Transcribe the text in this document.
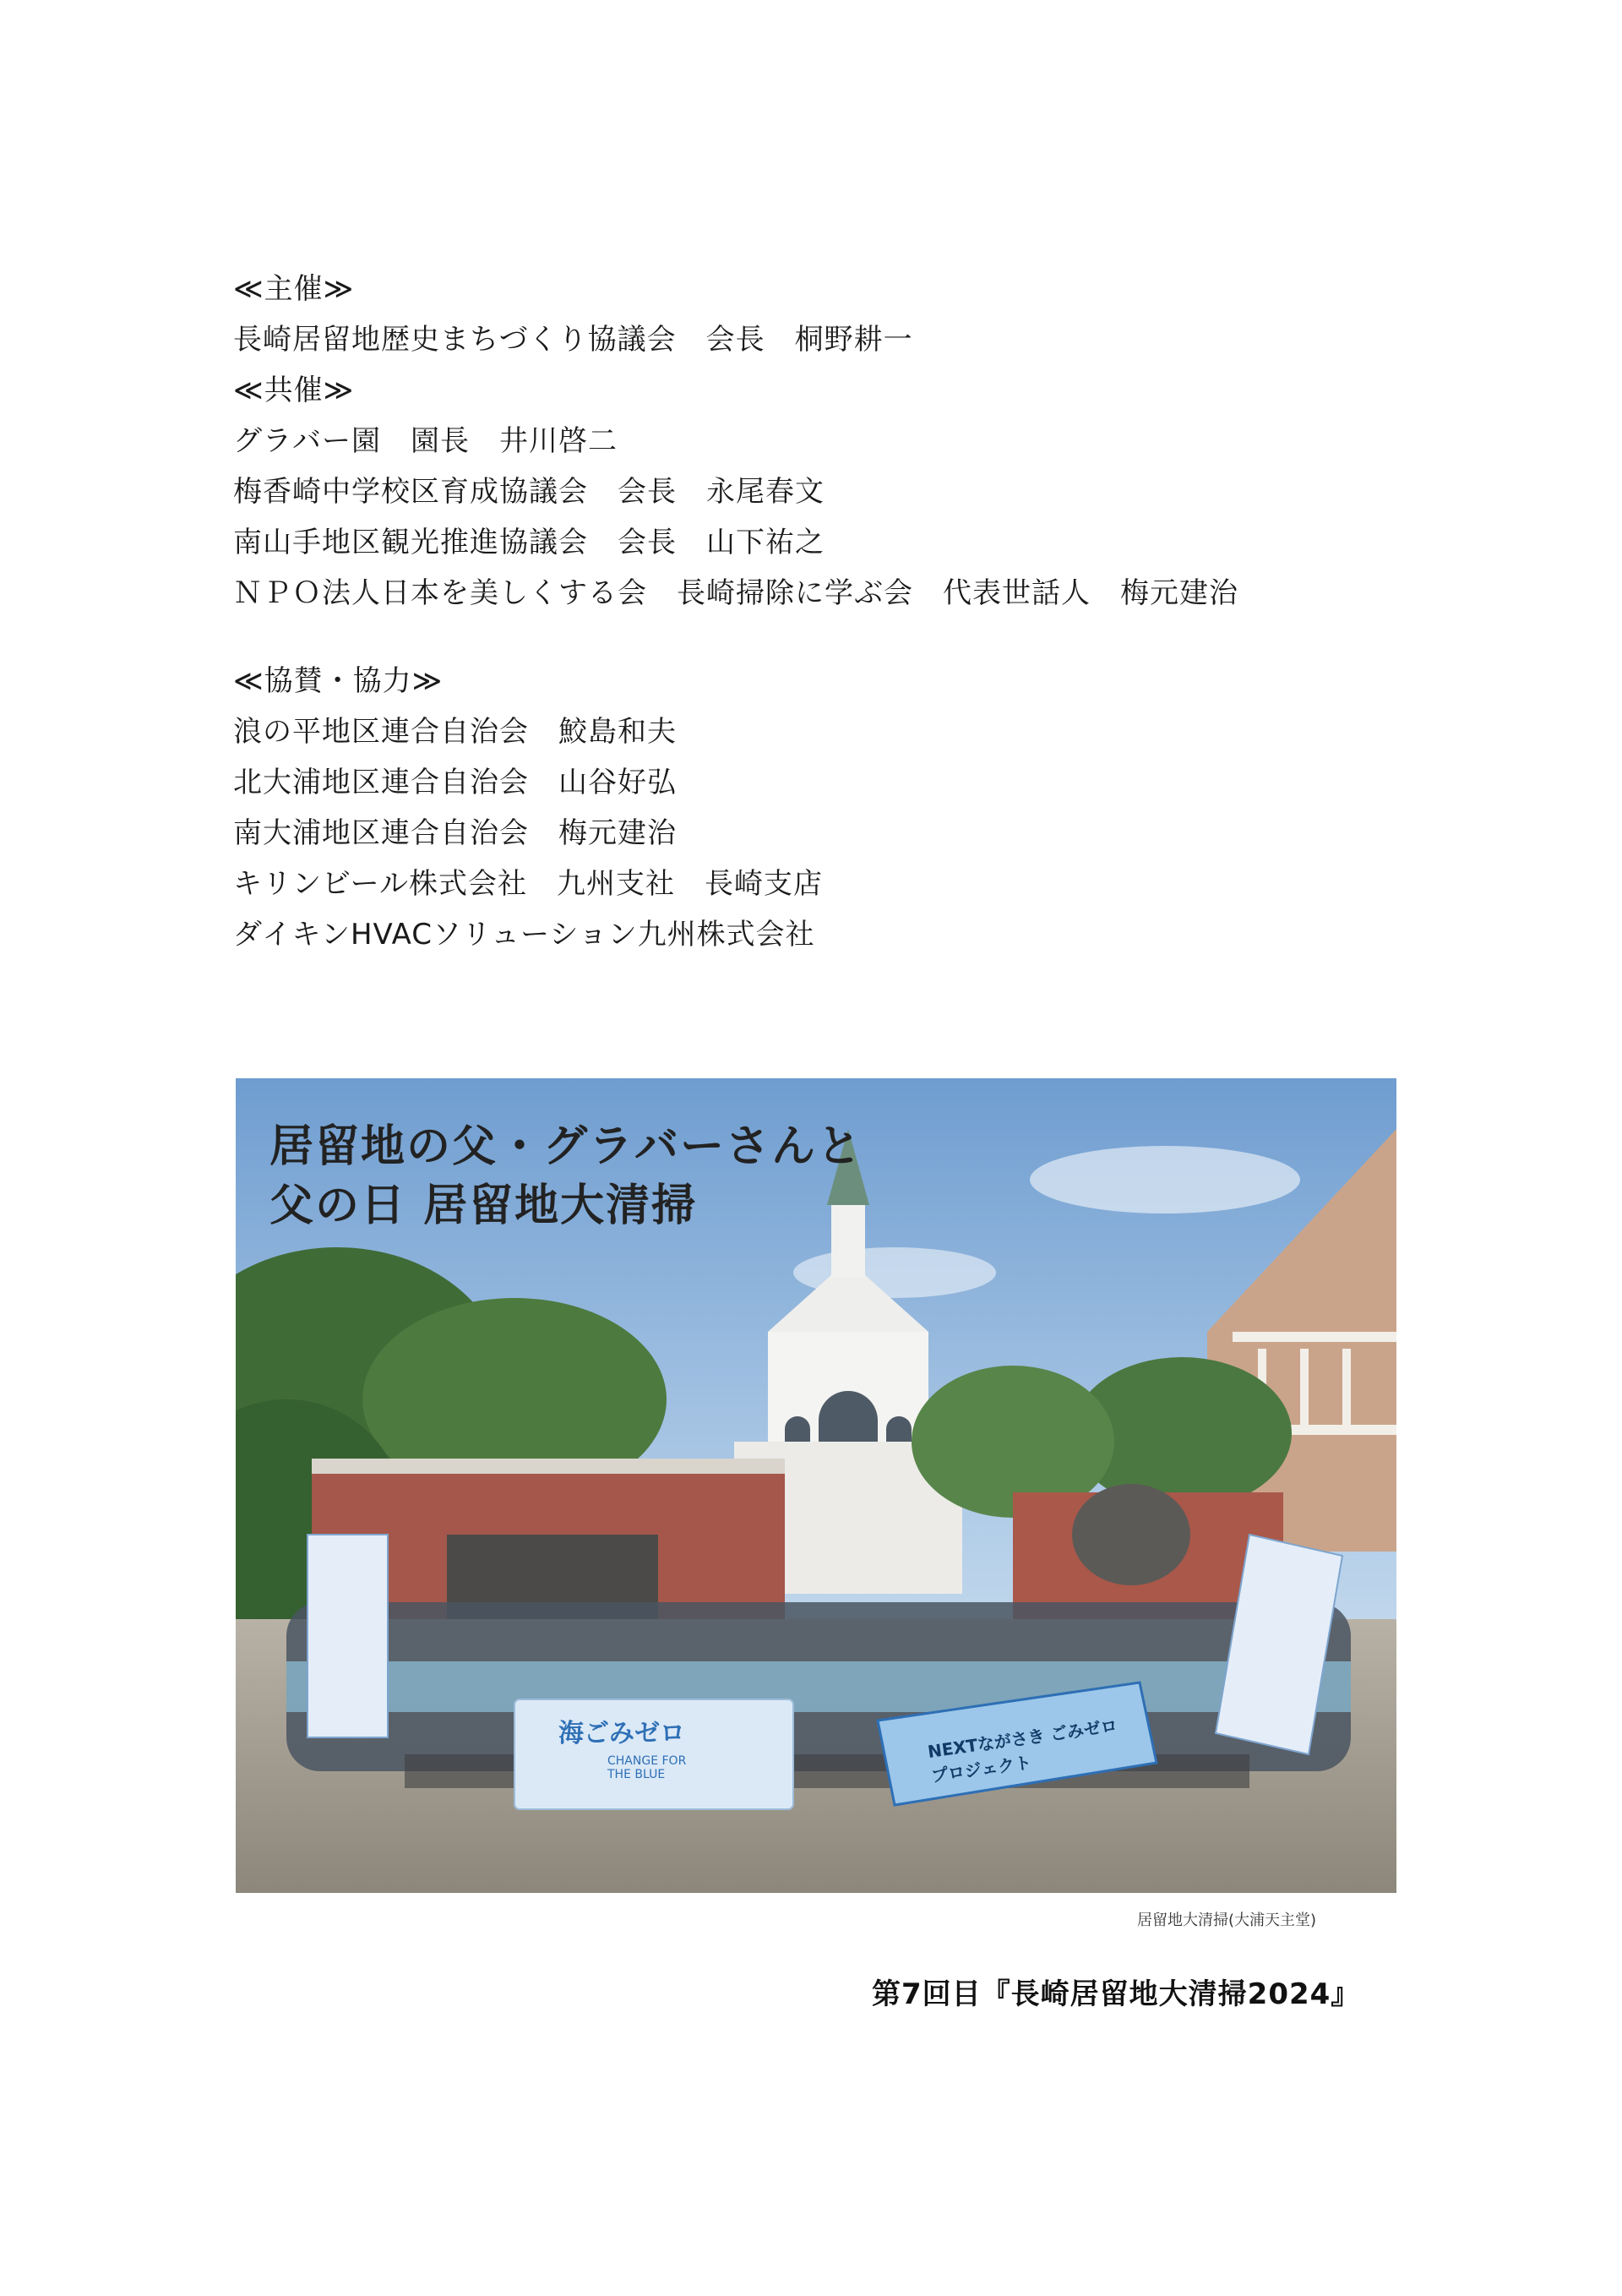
≪主催≫
長崎居留地歴史まちづくり協議会　会長　桐野耕一
≪共催≫
グラバー園　園長　井川啓二
梅香崎中学校区育成協議会　会長　永尾春文
南山手地区観光推進協議会　会長　山下祐之
ＮＰＯ法人日本を美しくする会　長崎掃除に学ぶ会　代表世話人　梅元建治
≪協賛・協力≫
浪の平地区連合自治会　鮫島和夫
北大浦地区連合自治会　山谷好弘
南大浦地区連合自治会　梅元建治
キリンビール株式会社　九州支社　長崎支店
ダイキンHVACソリューション九州株式会社
居留地の父・グラバーさんと
父の日 居留地大清掃
海ごみゼロ
CHANGE FOR THE BLUE
NEXTながさき ごみゼロプロジェクト
居留地大清掃(大浦天主堂)
第7回目『長崎居留地大清掃2024』
